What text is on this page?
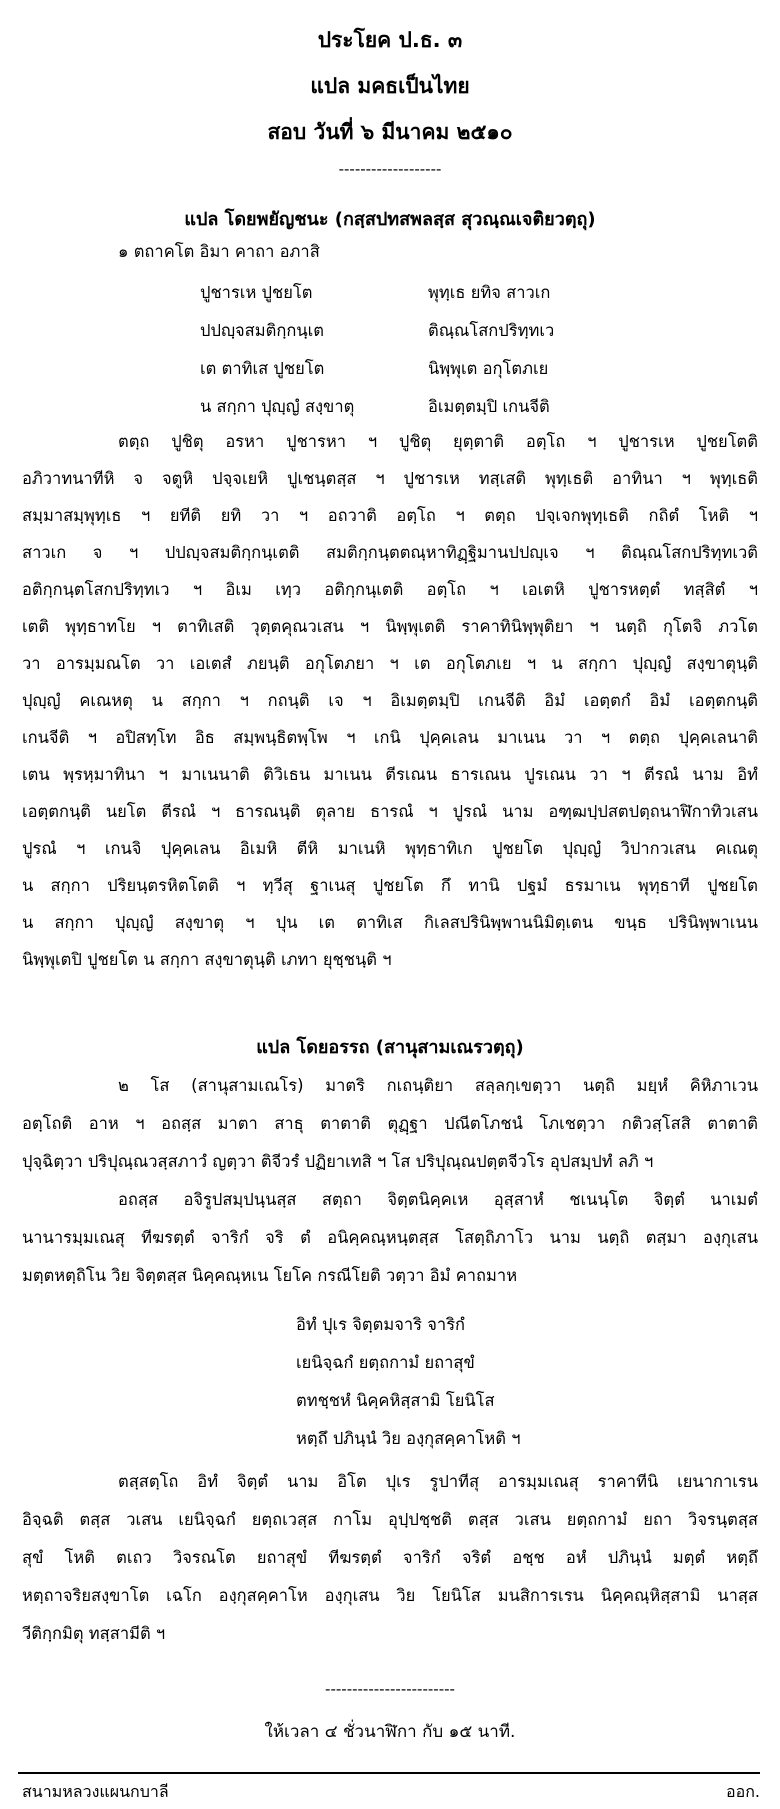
ประโยค ป.ธ. ๓
แปล มคธเป็นไทย
สอบ วันที่ ๖ มีนาคม ๒๕๑๐
-------------------
แปล โดยพยัญชนะ (กสฺสปทสพลสฺส สุวณฺณเจติยวตฺถุ)
๑ ตถาคโต อิมา คาถา อภาสิ
ปูชารเห ปูชยโต	พุทฺเธ ยทิจ สาวเก
ปปญฺจสมติกฺกนฺเต	ติณฺณโสกปริทฺทเว
เต ตาทิเส ปูชยโต	นิพฺพุเต อกุโตภเย
น สกฺกา ปุญฺญํ สงฺขาตุ	อิเมตฺตมฺปิ เกนจีติ
ตตฺถ ปูชิตุ อรหา ปูชารหา ฯ ปูชิตุ ยุตฺตาติ อตฺโถ ฯ ปูชารเห ปูชยโตติ
อภิวาทนาทีหิ จ จตูหิ ปจฺจเยหิ ปูเชนฺตสฺส ฯ ปูชารเห ทสฺเสติ พุทฺเธติ อาทินา ฯ พุทฺเธติ
สมฺมาสมฺพุทฺเธ ฯ ยทีติ ยทิ วา ฯ อถวาติ อตฺโถ ฯ ตตฺถ ปจฺเจกพุทฺเธติ กถิตํ โหติ ฯ
สาวเก จ ฯ ปปญฺจสมติกฺกนฺเตติ สมติกฺกนฺตตณฺหาทิฏฺฐิมานปปญฺเจ ฯ ติณฺณโสกปริทฺทเวติ
อติกฺกนฺตโสกปริทฺทเว ฯ อิเม เทฺว อติกฺกนฺเตติ อตฺโถ ฯ เอเตหิ ปูชารหตฺตํ ทสฺสิตํ ฯ
เตติ พุทฺธาทโย ฯ ตาทิเสติ วุตฺตคุณวเสน ฯ นิพฺพุเตติ ราคาทินิพฺพุติยา ฯ นตฺถิ กุโตจิ ภวโต
วา อารมฺมณโต วา เอเตสํ ภยนฺติ อกุโตภยา ฯ เต อกุโตภเย ฯ น สกฺกา ปุญฺญํ สงฺขาตุนฺติ
ปุญฺญํ คเณหตุ น สกฺกา ฯ กถนฺติ เจ ฯ อิเมตฺตมฺปิ เกนจีติ อิมํ เอตฺตกํ อิมํ เอตฺตกนฺติ
เกนจีติ ฯ อปิสทฺโท อิธ สมฺพนฺธิตพฺโพ ฯ เกนิ ปุคฺคเลน มาเนน วา ฯ ตตฺถ ปุคฺคเลนาติ
เตน พฺรหฺมาทินา ฯ มาเนนาติ ติวิเธน มาเนน ตีรเณน ธารเณน ปูรเณน วา ฯ ตีรณํ นาม อิทํ
เอตฺตกนฺติ นยโต ตีรณํ ฯ ธารณนฺติ ตุลาย ธารณํ ฯ ปูรณํ นาม อฑฺฒปฺปสตปตฺถนาฬิกาทิวเสน
ปูรณํ ฯ เกนจิ ปุคฺคเลน อิเมหิ ตีหิ มาเนหิ พุทฺธาทิเก ปูชยโต ปุญฺญํ วิปากวเสน คเณตุ
น สกฺกา ปริยนฺตรหิตโตติ ฯ ทฺวีสุ ฐาเนสุ ปูชยโต กึ ทานิ ปฐมํ ธรมาเน พุทฺธาที ปูชยโต
น สกฺกา ปุญฺญํ สงฺขาตุ ฯ ปุน เต ตาทิเส กิเลสปรินิพฺพานนิมิตฺเตน ขนฺธ ปรินิพฺพาเนน
นิพฺพุเตปิ ปูชยโต น สกฺกา สงฺขาตุนฺติ เภทา ยุชฺชนฺติ ฯ
แปล โดยอรรถ (สานุสามเณรวตฺถุ)
๒ โส (สานุสามเณโร) มาตริ กเถนฺติยา สลฺลกฺเขตฺวา นตฺถิ มยฺหํ คิหิภาเวน
อตฺโถติ อาห ฯ อถสฺส มาตา สาธุ ตาตาติ ตุฏฺฐา ปณีตโภชนํ โภเชตฺวา กติวสฺโสสิ ตาตาติ
ปุจฺฉิตฺวา ปริปุณฺณวสฺสภาวํ ญตฺวา ติจีวรํ ปฏิยาเทสิ ฯ โส ปริปุณฺณปตฺตจีวโร อุปสมฺปทํ ลภิ ฯ
อถสฺส อจิรูปสมฺปนฺนสฺส สตฺถา จิตฺตนิคฺคเห อุสฺสาหํ ชเนนฺโต จิตฺตํ นาเมตํ
นานารมฺมเณสุ ทีฆรตฺตํ จาริกํ จริ ตํ อนิคฺคณฺหนฺตสฺส โสตฺถิภาโว นาม นตฺถิ ตสฺมา องฺกุเสน
มตฺตหตฺถิโน วิย จิตฺตสฺส นิคฺคณฺหเน โยโค กรณีโยติ วตฺวา อิมํ คาถมาห
อิทํ ปุเร จิตฺตมจาริ จาริกํ
เยนิจฺฉกํ ยตฺถกามํ ยถาสุขํ
ตทชฺชหํ นิคฺคหิสฺสามิ โยนิโส
หตฺถึ ปภินฺนํ วิย องฺกุสคฺคาโหติ ฯ
ตสฺสตฺโถ อิทํ จิตฺตํ นาม อิโต ปุเร รูปาทีสุ อารมฺมเณสุ ราคาทีนิ เยนากาเรน
อิจฺฉติ ตสฺส วเสน เยนิจฺฉกํ ยตฺถเวสฺส กาโม อุปฺปชฺชติ ตสฺส วเสน ยตฺถกามํ ยถา วิจรนฺตสฺส
สุขํ โหติ ตเถว วิจรณโต ยถาสุขํ ทีฆรตฺตํ จาริกํ จริตํ อชฺช อหํ ปภินฺนํ มตฺตํ หตฺถึ
หตฺถาจริยสงฺขาโต เฉโก องฺกุสคฺคาโห องฺกุเสน วิย โยนิโส มนสิการเรน นิคฺคณฺหิสฺสามิ นาสฺส
วีติกฺกมิตุ ทสฺสามีติ ฯ
------------------------
ให้เวลา ๔ ชั่วนาฬิกา กับ ๑๕ นาที.
สนามหลวงแผนกบาลี	ออก.
